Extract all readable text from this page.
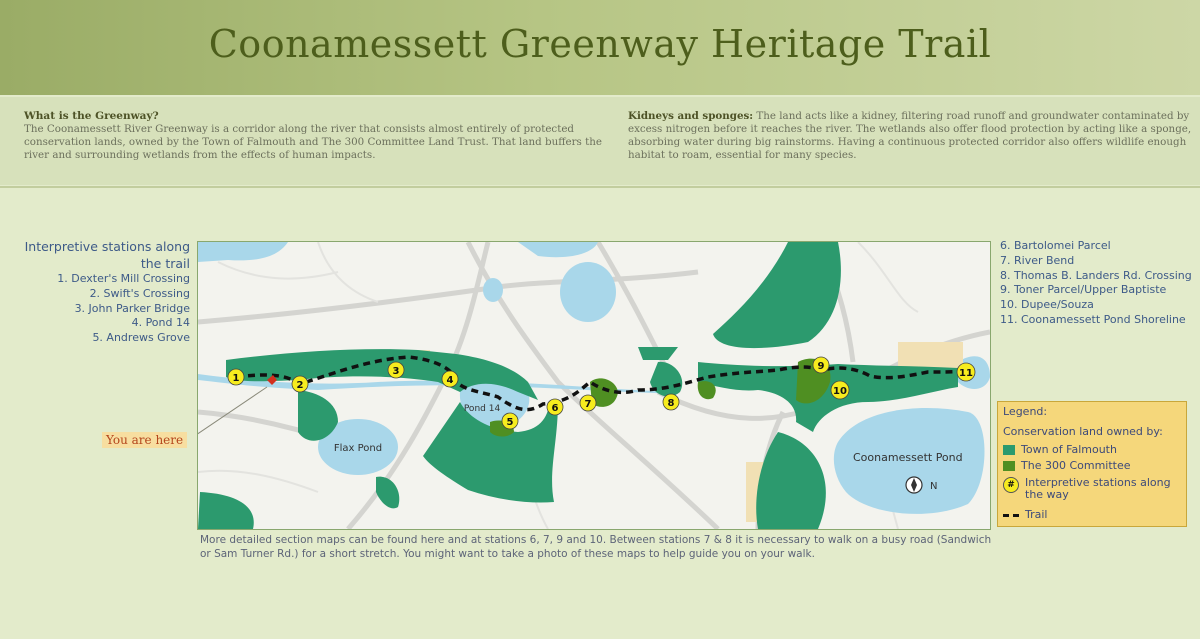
Coonamessett Greenway Heritage Trail
What is the Greenway?
The Coonamessett River Greenway is a corridor along the river that consists almost entirely of protected conservation lands, owned by the Town of Falmouth and The 300 Committee Land Trust. That land buffers the river and surrounding wetlands from the effects of human impacts.
Kidneys and sponges: The land acts like a kidney, filtering road runoff and groundwater contaminated by excess nitrogen before it reaches the river. The wetlands also offer flood protection by acting like a sponge, absorbing water during big rainstorms. Having a continuous protected corridor also offers wildlife enough habitat to roam, essential for many species.
Interpretive stations along the trail
1. Dexter's Mill Crossing
2. Swift's Crossing
3. John Parker Bridge
4. Pond 14
5. Andrews Grove
6. Bartolomei Parcel
7. River Bend
8. Thomas B. Landers Rd. Crossing
9. Toner Parcel/Upper Baptiste
10. Dupee/Souza
11. Coonamessett Pond Shoreline
1
2
3
4
5
6	7	8
9
10
11
Flax Pond
Pond 14
Coonamessett Pond
N
You are here
Legend:
Conservation land owned by:
Town of Falmouth
The 300 Committee
# Interpretive stations along the way
Trail
More detailed section maps can be found here and at stations 6, 7, 9 and 10. Between stations 7 & 8 it is necessary to walk on a busy road (Sandwich or Sam Turner Rd.) for a short stretch. You might want to take a photo of these maps to help guide you on your walk.
